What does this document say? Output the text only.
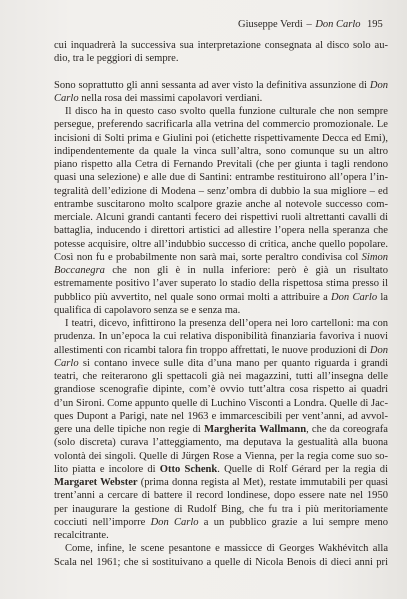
Giuseppe Verdi – Don Carlo 195

cui inquadrerà la successiva sua interpretazione consegnata al disco solo audio, tra le peggiori di sempre.

Sono soprattutto gli anni sessanta ad aver visto la definitiva assunzione di Don Carlo nella rosa dei massimi capolavori verdiani.

Il disco ha in questo caso svolto quella funzione culturale che non sempre persegue, preferendo sacrificarla alla vetrina del commercio promozionale. Le incisioni di Solti prima e Giulini poi (etichette rispettivamente Decca ed Emi), indipendentemente da quale la vinca sull’altra, sono comunque su un altro piano rispetto alla Cetra di Fernando Previtali (che per giunta i tagli rendono quasi una selezione) e alle due di Santini: entrambe restituirono all’opera l’integralità dell’edizione di Modena – senz’ombra di dubbio la sua migliore – ed entrambe suscitarono molto scalpore grazie anche al notevole successo commerciale. Alcuni grandi cantanti fecero dei rispettivi ruoli altrettanti cavalli di battaglia, inducendo i direttori artistici ad allestire l’opera nella speranza che potesse acquisire, oltre all’indubbio successo di critica, anche quello popolare. Così non fu e probabilmente non sarà mai, sorte peraltro condivisa col Simon Boccanegra che non gli è in nulla inferiore: però è già un risultato estremamente positivo l’aver superato lo stadio della rispettosa stima presso il pubblico più avvertito, nel quale sono ormai molti a attribuire a Don Carlo la qualifica di capolavoro senza se e senza ma.

I teatri, dicevo, infittirono la presenza dell’opera nei loro cartelloni: ma con prudenza. In un’epoca la cui relativa disponibilità finanziaria favoriva i nuovi allestimenti con ricambi talora fin troppo affrettati, le nuove produzioni di Don Carlo si contano invece sulle dita d’una mano per quanto riguarda i grandi teatri, che reiterarono gli spettacoli già nei magazzini, tutti all’insegna delle grandiose scenografie dipinte, com’è ovvio tutt’altra cosa rispetto ai quadri d’un Sironi. Come appunto quelle di Luchino Visconti a Londra. Quelle di Jacques Dupont a Parigi, nate nel 1963 e immarcescibili per vent’anni, ad avvolgere una delle tipiche non regie di Margherita Wallmann, che da coreografa (solo discreta) curava l’atteggiamento, ma deputava la gestualità alla buona volontà dei singoli. Quelle di Jürgen Rose a Vienna, per la regia come suo solito piatta e incolore di Otto Schenk. Quelle di Rolf Gérard per la regia di Margaret Webster (prima donna regista al Met), restate immutabili per quasi trent’anni a cercare di battere il record londinese, dopo essere nate nel 1950 per inaugurare la gestione di Rudolf Bing, che fu tra i più meritoriamente cocciuti nell’imporre Don Carlo a un pubblico grazie a lui sempre meno recalcitrante.

Come, infine, le scene pesantone e massicce di Georges Wakhévitch alla Scala nel 1961; che si sostituivano a quelle di Nicola Benois di dieci anni pri
